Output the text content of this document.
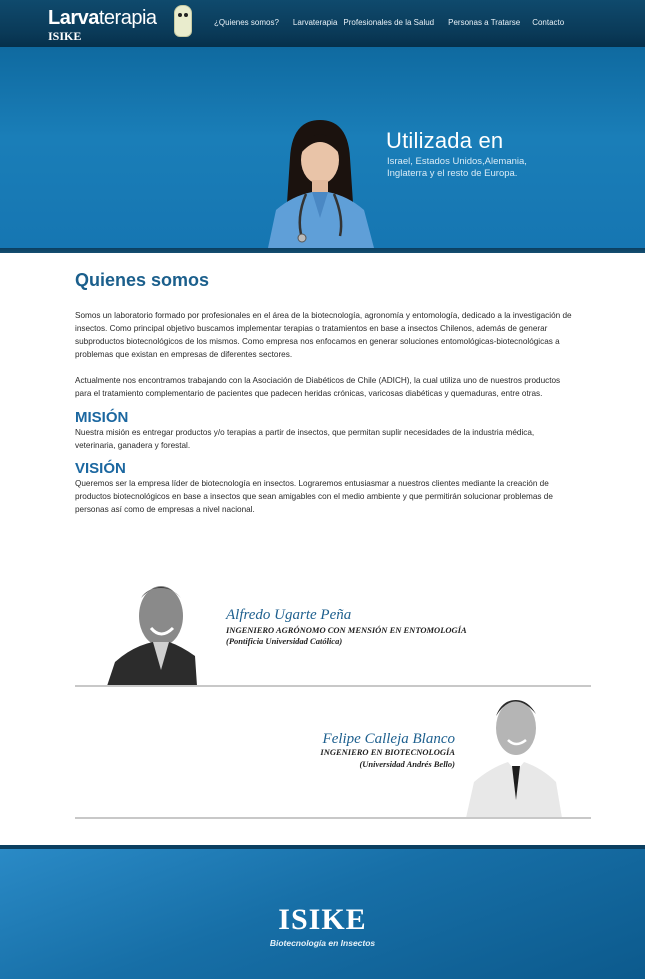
Larvaterapia
ISIKE
¿Quienes somos? Larvaterapia Profesionales de la Salud Personas a Tratarse Contacto
Utilizada en
Israel, Estados Unidos,Alemania,
Inglaterra y el resto de Europa.
Quienes somos

Somos un laboratorio formado por profesionales en el área de la biotecnología, agronomía y entomología, dedicado a la investigación de insectos. Como principal objetivo buscamos implementar terapias o tratamientos en base a insectos Chilenos, además de generar subproductos biotecnológicos de los mismos. Como empresa nos enfocamos en generar soluciones entomológicas-biotecnológicas a problemas que existan en empresas de diferentes sectores.

Actualmente nos encontramos trabajando con la Asociación de Diabéticos de Chile (ADICH), la cual utiliza uno de nuestros productos para el tratamiento complementario de pacientes que padecen heridas crónicas, varicosas diabéticas y quemaduras, entre otras.

MISIÓN

Nuestra misión es entregar productos y/o terapias a partir de insectos, que permitan suplir necesidades de la industria médica, veterinaria, ganadera y forestal.

VISIÓN

Queremos ser la empresa líder de biotecnología en insectos. Lograremos entusiasmar a nuestros clientes mediante la creación de productos biotecnológicos en base a insectos que sean amigables con el medio ambiente y que permitirán solucionar problemas de personas así como de empresas a nivel nacional.

Alfredo Ugarte Peña
INGENIERO AGRÓNOMO CON MENSIÓN EN ENTOMOLOGÍA
(Pontificia Universidad Católica)
Felipe Calleja Blanco
INGENIERO EN BIOTECNOLOGÍA
(Universidad Andrés Bello)
ISIKE
Biotecnología en Insectos
